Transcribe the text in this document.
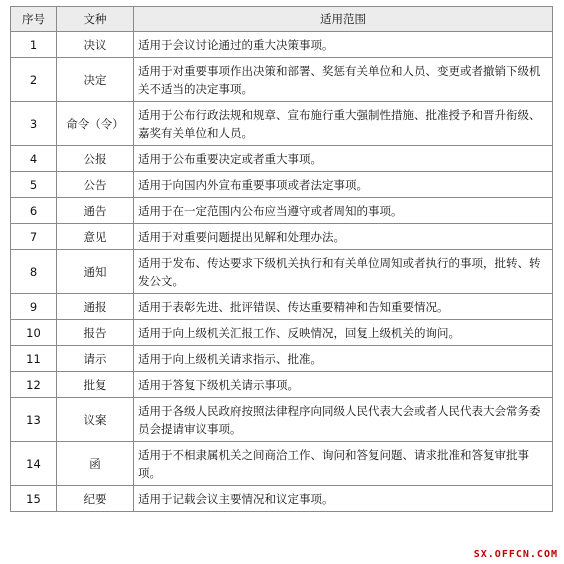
序号	文种	适用范围
1	决议	适用于会议讨论通过的重大决策事项。
2	决定	适用于对重要事项作出决策和部署、奖惩有关单位和人员、变更或者撤销下级机关不适当的决定事项。
3	命令（令）	适用于公布行政法规和规章、宣布施行重大强制性措施、批准授予和晋升衔级、嘉奖有关单位和人员。
4	公报	适用于公布重要决定或者重大事项。
5	公告	适用于向国内外宣布重要事项或者法定事项。
6	通告	适用于在一定范围内公布应当遵守或者周知的事项。
7	意见	适用于对重要问题提出见解和处理办法。
8	通知	适用于发布、传达要求下级机关执行和有关单位周知或者执行的事项，批转、转发公文。
9	通报	适用于表彰先进、批评错误、传达重要精神和告知重要情况。
10	报告	适用于向上级机关汇报工作、反映情况，回复上级机关的询问。
11	请示	适用于向上级机关请求指示、批准。
12	批复	适用于答复下级机关请示事项。
13	议案	适用于各级人民政府按照法律程序向同级人民代表大会或者人民代表大会常务委员会提请审议事项。
14	函	适用于不相隶属机关之间商洽工作、询问和答复问题、请求批准和答复审批事项。
15	纪要	适用于记载会议主要情况和议定事项。
SX.OFFCN.COM
